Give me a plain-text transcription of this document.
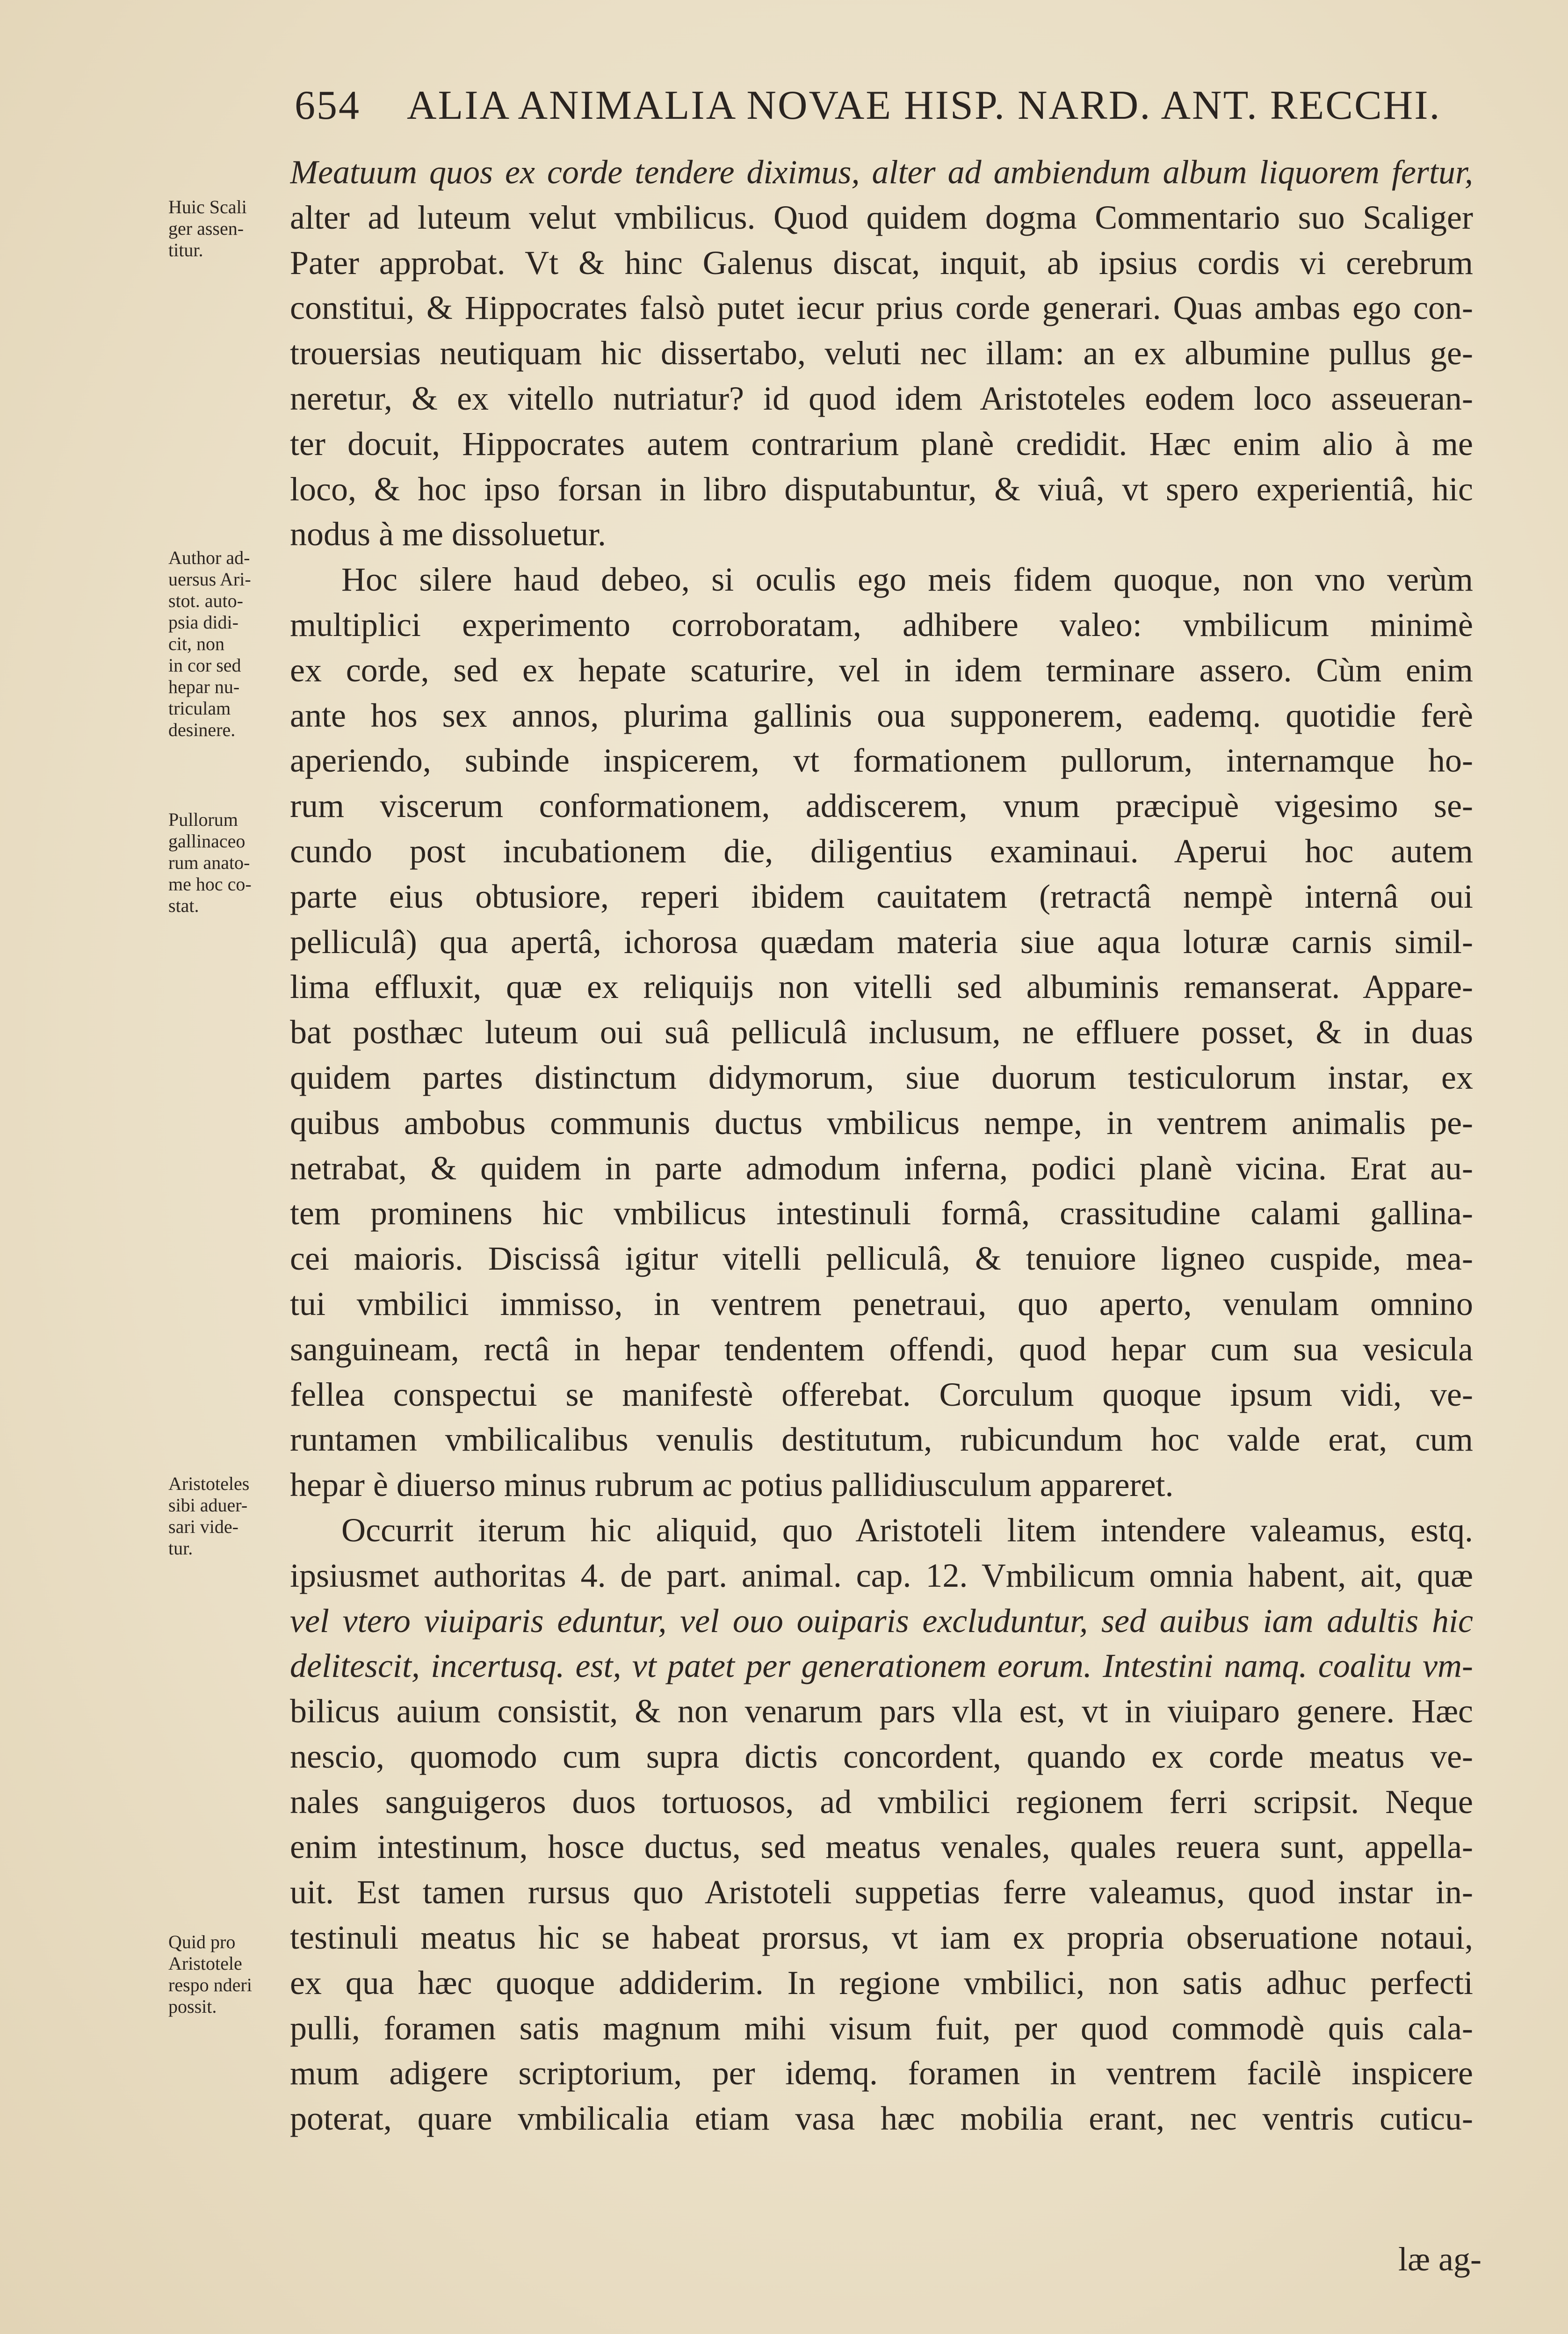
654 ALIA ANIMALIA NOVAE HISP. NARD. ANT. RECCHI.
Meatuum quos ex corde tendere diximus, alter ad ambiendum album liquorem fertur,
alter ad luteum velut vmbilicus. Quod quidem dogma Commentario suo Scaliger
Pater approbat. Vt & hinc Galenus discat, inquit, ab ipsius cordis vi cerebrum
constitui, & Hippocrates falsò putet iecur prius corde generari. Quas ambas ego con-
trouersias neutiquam hic dissertabo, veluti nec illam: an ex albumine pullus ge-
neretur, & ex vitello nutriatur? id quod idem Aristoteles eodem loco asseueran-
ter docuit, Hippocrates autem contrarium planè credidit. Hæc enim alio à me
loco, & hoc ipso forsan in libro disputabuntur, & viuâ, vt spero experientiâ, hic
nodus à me dissoluetur.
Hoc silere haud debeo, si oculis ego meis fidem quoque, non vno verùm
multiplici experimento corroboratam, adhibere valeo: vmbilicum minimè
ex corde, sed ex hepate scaturire, vel in idem terminare assero. Cùm enim
ante hos sex annos, plurima gallinis oua supponerem, eademq. quotidie ferè
aperiendo, subinde inspicerem, vt formationem pullorum, internamque ho-
rum viscerum conformationem, addiscerem, vnum præcipuè vigesimo se-
cundo post incubationem die, diligentius examinaui. Aperui hoc autem
parte eius obtusiore, reperi ibidem cauitatem (retractâ nempè internâ oui
pelliculâ) qua apertâ, ichorosa quædam materia siue aqua loturæ carnis simil-
lima effluxit, quæ ex reliquijs non vitelli sed albuminis remanserat. Appare-
bat posthæc luteum oui suâ pelliculâ inclusum, ne effluere posset, & in duas
quidem partes distinctum didymorum, siue duorum testiculorum instar, ex
quibus ambobus communis ductus vmbilicus nempe, in ventrem animalis pe-
netrabat, & quidem in parte admodum inferna, podici planè vicina. Erat au-
tem prominens hic vmbilicus intestinuli formâ, crassitudine calami gallina-
cei maioris. Discissâ igitur vitelli pelliculâ, & tenuiore ligneo cuspide, mea-
tui vmbilici immisso, in ventrem penetraui, quo aperto, venulam omnino
sanguineam, rectâ in hepar tendentem offendi, quod hepar cum sua vesicula
fellea conspectui se manifestè offerebat. Corculum quoque ipsum vidi, ve-
runtamen vmbilicalibus venulis destitutum, rubicundum hoc valde erat, cum
hepar è diuerso minus rubrum ac potius pallidiusculum appareret.
Occurrit iterum hic aliquid, quo Aristoteli litem intendere valeamus, estq.
ipsiusmet authoritas 4. de part. animal. cap. 12. Vmbilicum omnia habent, ait, quæ
vel vtero viuiparis eduntur, vel ouo ouiparis excluduntur, sed auibus iam adultis hic
delitescit, incertusq. est, vt patet per generationem eorum. Intestini namq. coalitu vm-
bilicus auium consistit, & non venarum pars vlla est, vt in viuiparo genere. Hæc
nescio, quomodo cum supra dictis concordent, quando ex corde meatus ve-
nales sanguigeros duos tortuosos, ad vmbilici regionem ferri scripsit. Neque
enim intestinum, hosce ductus, sed meatus venales, quales reuera sunt, appella-
uit. Est tamen rursus quo Aristoteli suppetias ferre valeamus, quod instar in-
testinuli meatus hic se habeat prorsus, vt iam ex propria obseruatione notaui,
ex qua hæc quoque addiderim. In regione vmbilici, non satis adhuc perfecti
pulli, foramen satis magnum mihi visum fuit, per quod commodè quis cala-
mum adigere scriptorium, per idemq. foramen in ventrem facilè inspicere
poterat, quare vmbilicalia etiam vasa hæc mobilia erant, nec ventris cuticu-
Huic Scali
ger assen-
titur.
Author ad-
uersus Ari-
stot. auto-
psia didi-
cit, non
in cor sed
hepar nu-
triculam
desinere.
Pullorum
gallinaceo
rum anato-
me hoc co-
stat.
Aristoteles
sibi aduer-
sari vide-
tur.
Quid pro
Aristotele
respo nderi
possit.
læ ag-
